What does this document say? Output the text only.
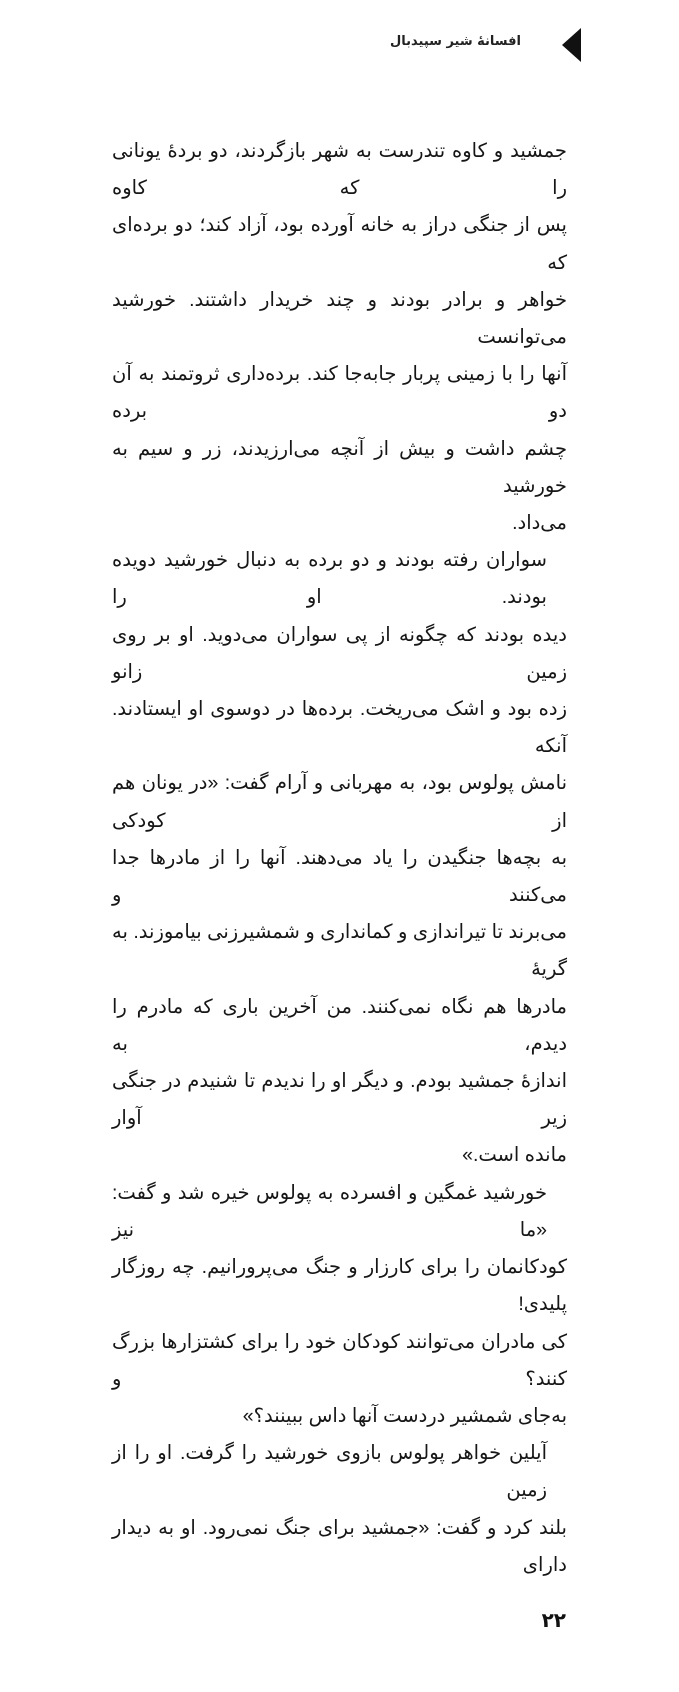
افسانهٔ شیر سپیدبال

جمشید و کاوه تندرست به شهر بازگردند، دو بردهٔ یونانی را که کاوه
پس از جنگی دراز به خانه آورده بود، آزاد کند؛ دو برده‌ای که
خواهر و برادر بودند و چند خریدار داشتند. خورشید می‌توانست
آنها را با زمینی پربار جابه‌جا کند. برده‌داری ثروتمند به آن دو برده
چشم داشت و بیش از آنچه می‌ارزیدند، زر و سیم به خورشید
می‌داد.

سواران رفته بودند و دو برده به دنبال خورشید دویده بودند. او را
دیده بودند که چگونه از پی سواران می‌دوید. او بر روی زمین زانو
زده بود و اشک می‌ریخت. برده‌ها در دوسوی او ایستادند. آنکه
نامش پولوس بود، به مهربانی و آرام گفت: «در یونان هم از کودکی
به بچه‌ها جنگیدن را یاد می‌دهند. آنها را از مادرها جدا می‌کنند و
می‌برند تا تیراندازی و کمانداری و شمشیرزنی بیاموزند. به گریهٔ
مادرها هم نگاه نمی‌کنند. من آخرین باری که مادرم را دیدم، به
اندازهٔ جمشید بودم. و دیگر او را ندیدم تا شنیدم در جنگی زیر آوار
مانده است.»

خورشید غمگین و افسرده به پولوس خیره شد و گفت: «ما نیز
کودکانمان را برای کارزار و جنگ می‌پرورانیم. چه روزگار پلیدی!
کی مادران می‌توانند کودکان خود را برای کشتزارها بزرگ کنند؟ و
به‌جای شمشیر دردست آنها داس ببینند؟»

آیلین خواهر پولوس بازوی خورشید را گرفت. او را از زمین
بلند کرد و گفت: «جمشید برای جنگ نمی‌رود. او به دیدار دارای

۲۲
